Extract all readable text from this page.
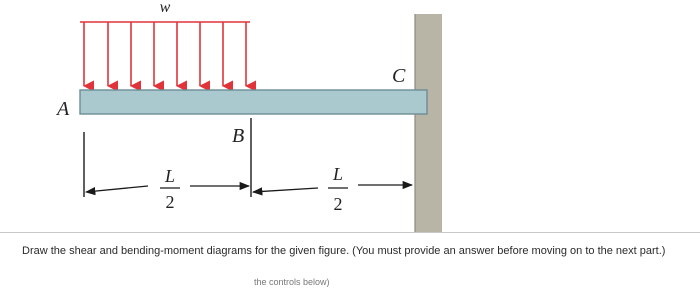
w
A
B
C
L
2
L
2

Draw the shear and bending-moment diagrams for the given figure. (You must provide an answer before moving on to the next part.)

the controls below)
